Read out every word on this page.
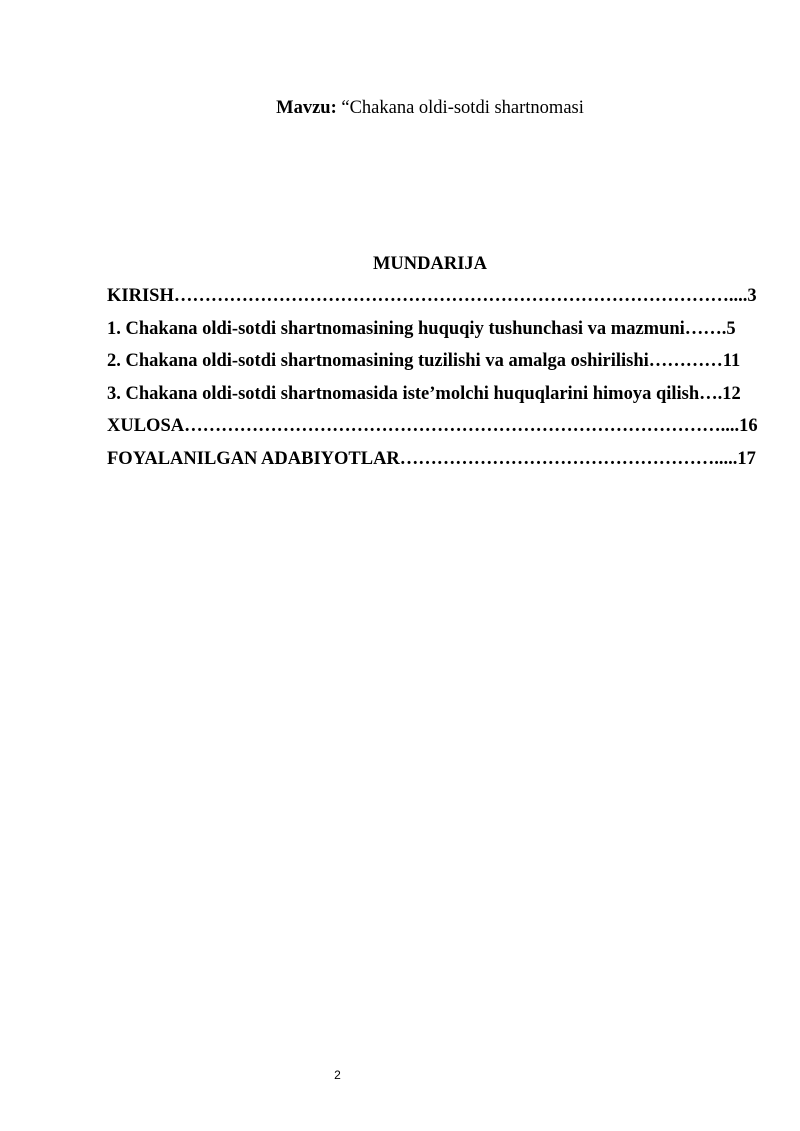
Mavzu: “Chakana oldi-sotdi shartnomasi
MUNDARIJA
KIRISH………………………………………………………………………………....3
1. Chakana oldi-sotdi shartnomasining huquqiy tushunchasi va mazmuni…….5
2. Chakana oldi-sotdi shartnomasining tuzilishi va amalga oshirilishi…………11
3. Chakana oldi-sotdi shartnomasida iste’molchi huquqlarini himoya qilish….12
XULOSA……………………………………………………………………………....16
FOYALANILGAN ADABIYOTLAR…………………………………………….....17
2
